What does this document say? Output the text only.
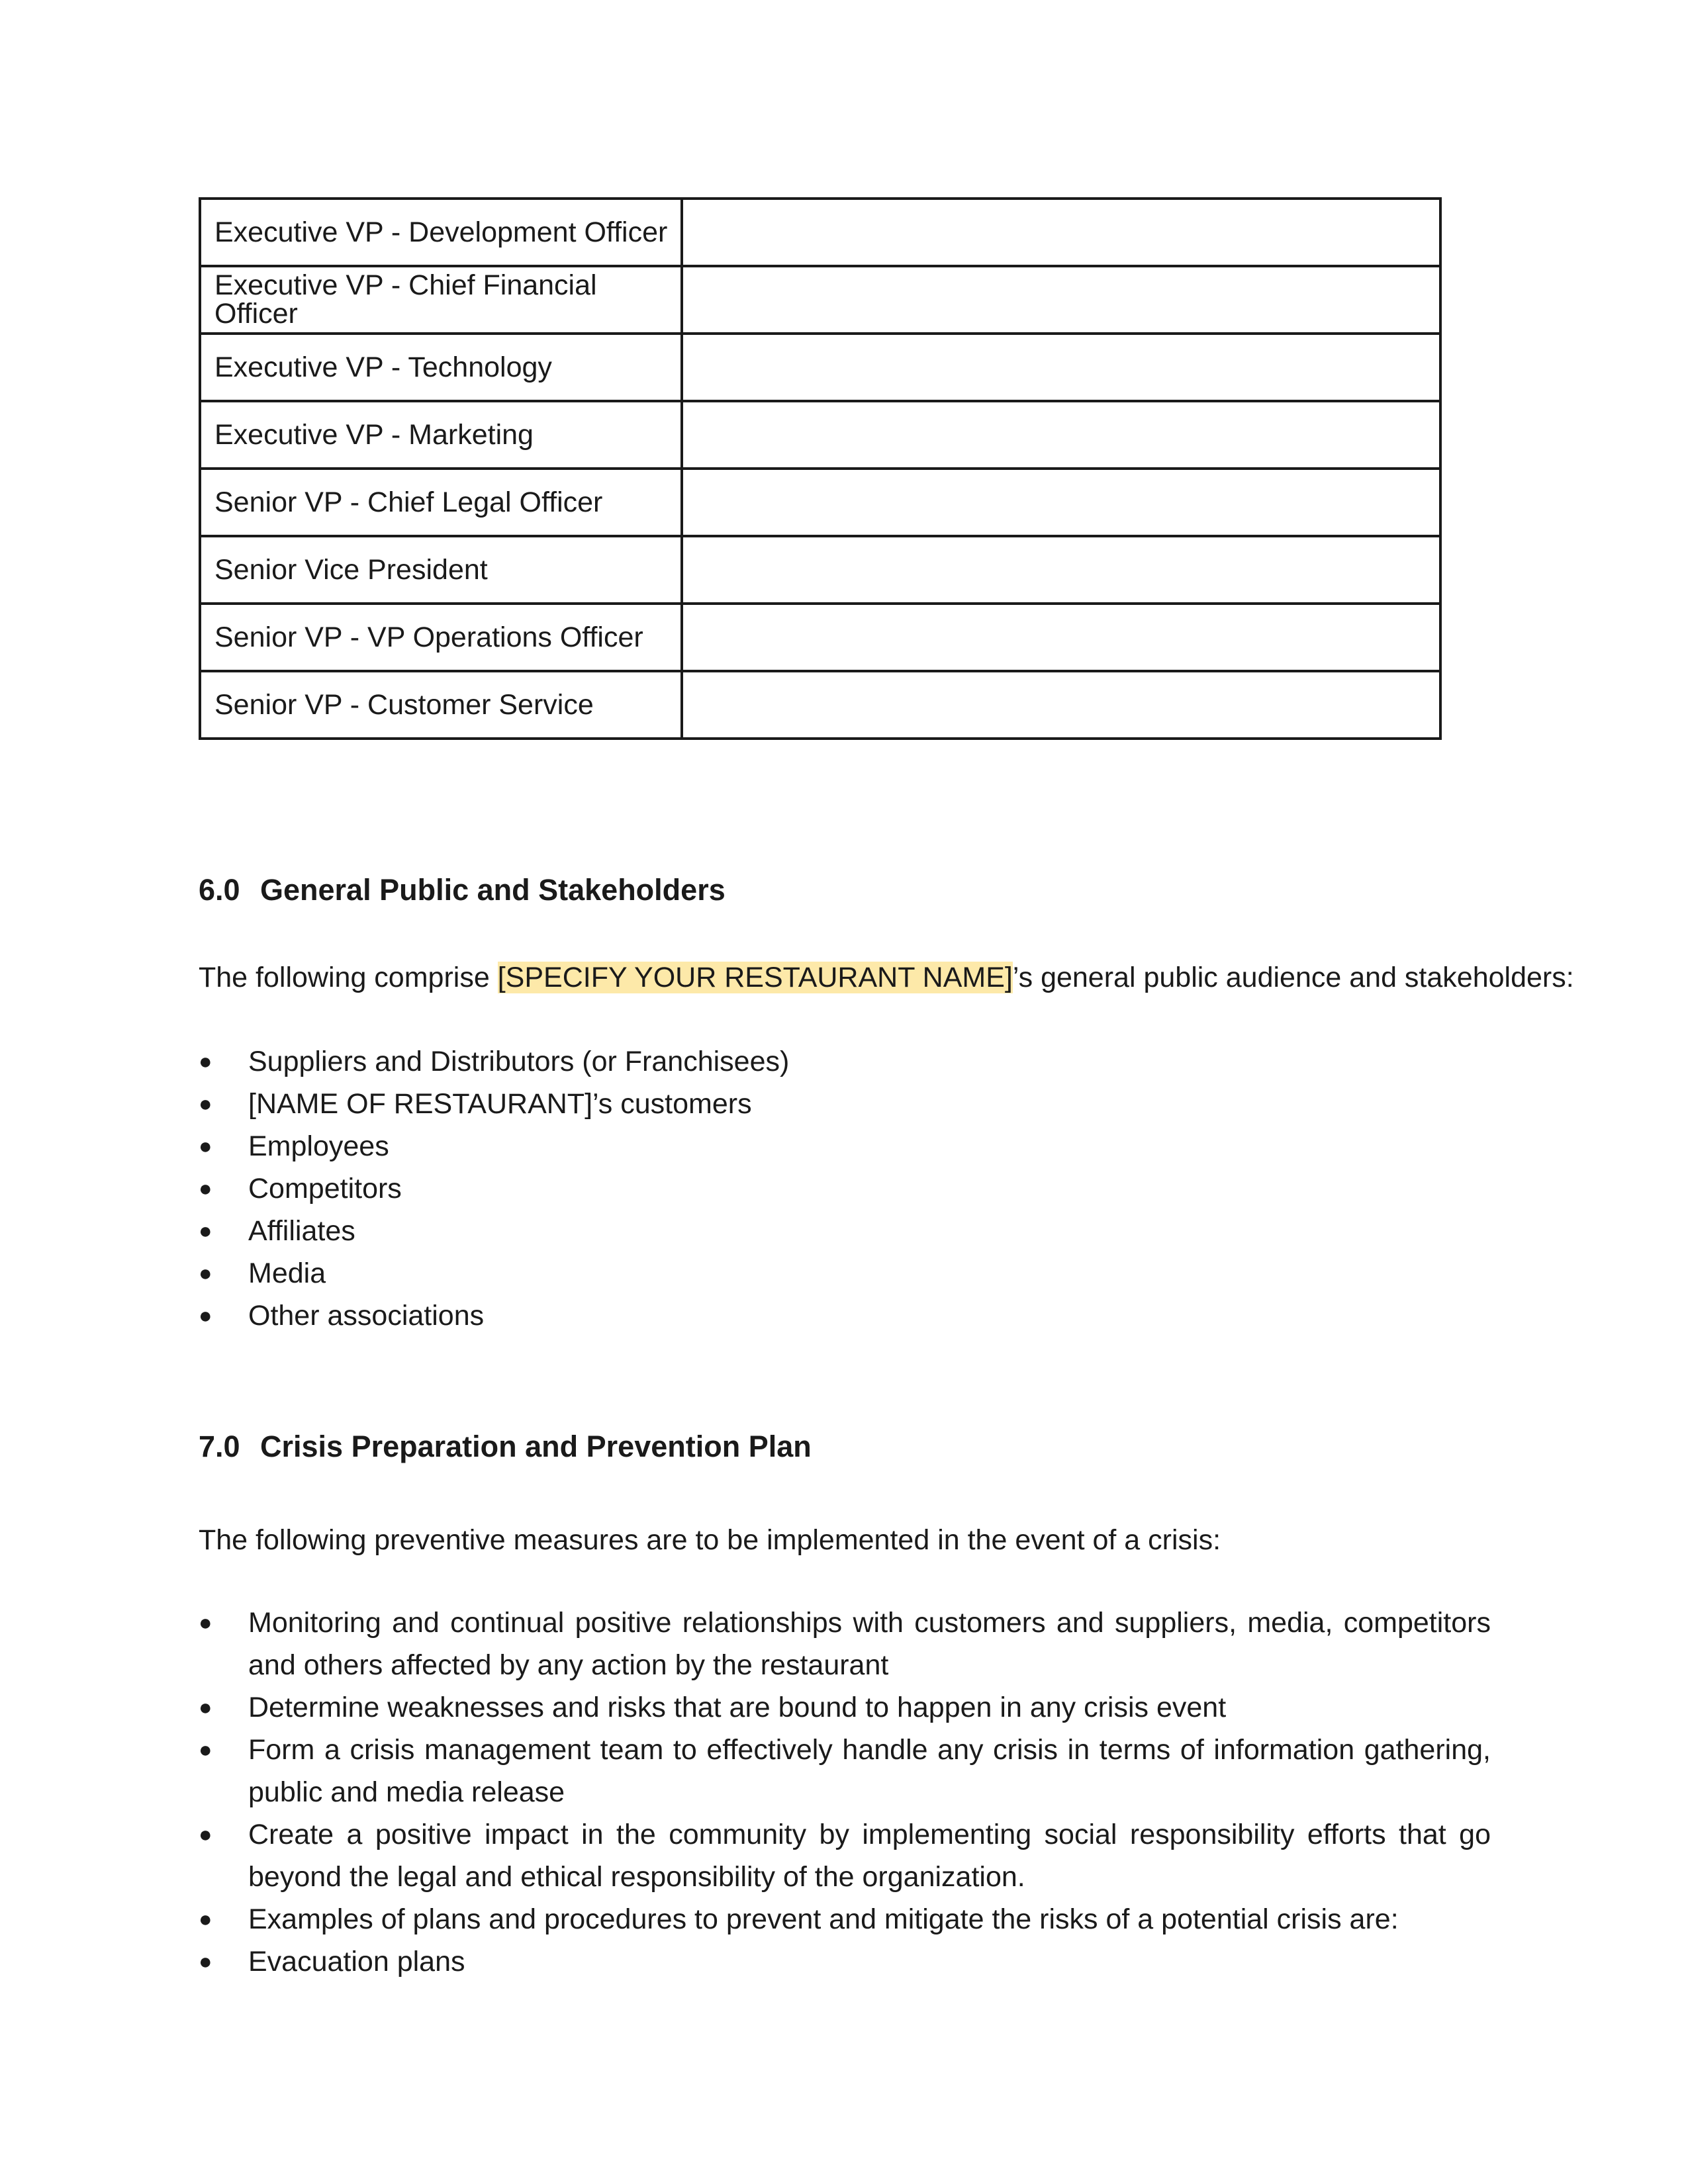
Executive VP - Development Officer	
Executive VP - Chief Financial Officer	
Executive VP - Technology	
Executive VP - Marketing	
Senior VP - Chief Legal Officer	
Senior Vice President	
Senior VP - VP Operations Officer	
Senior VP - Customer Service	
6.0 General Public and Stakeholders

The following comprise [SPECIFY YOUR RESTAURANT NAME]’s general public audience and stakeholders:

●	Suppliers and Distributors (or Franchisees)
●	[NAME OF RESTAURANT]’s customers
●	Employees
●	Competitors
●	Affiliates
●	Media
●	Other associations
7.0 Crisis Preparation and Prevention Plan

The following preventive measures are to be implemented in the event of a crisis:

●	Monitoring and continual positive relationships with customers and suppliers, media, competitors and others affected by any action by the restaurant
●	Determine weaknesses and risks that are bound to happen in any crisis event
●	Form a crisis management team to effectively handle any crisis in terms of information gathering, public and media release
●	Create a positive impact in the community by implementing social responsibility efforts that go beyond the legal and ethical responsibility of the organization.
●	Examples of plans and procedures to prevent and mitigate the risks of a potential crisis are:
●	Evacuation plans
